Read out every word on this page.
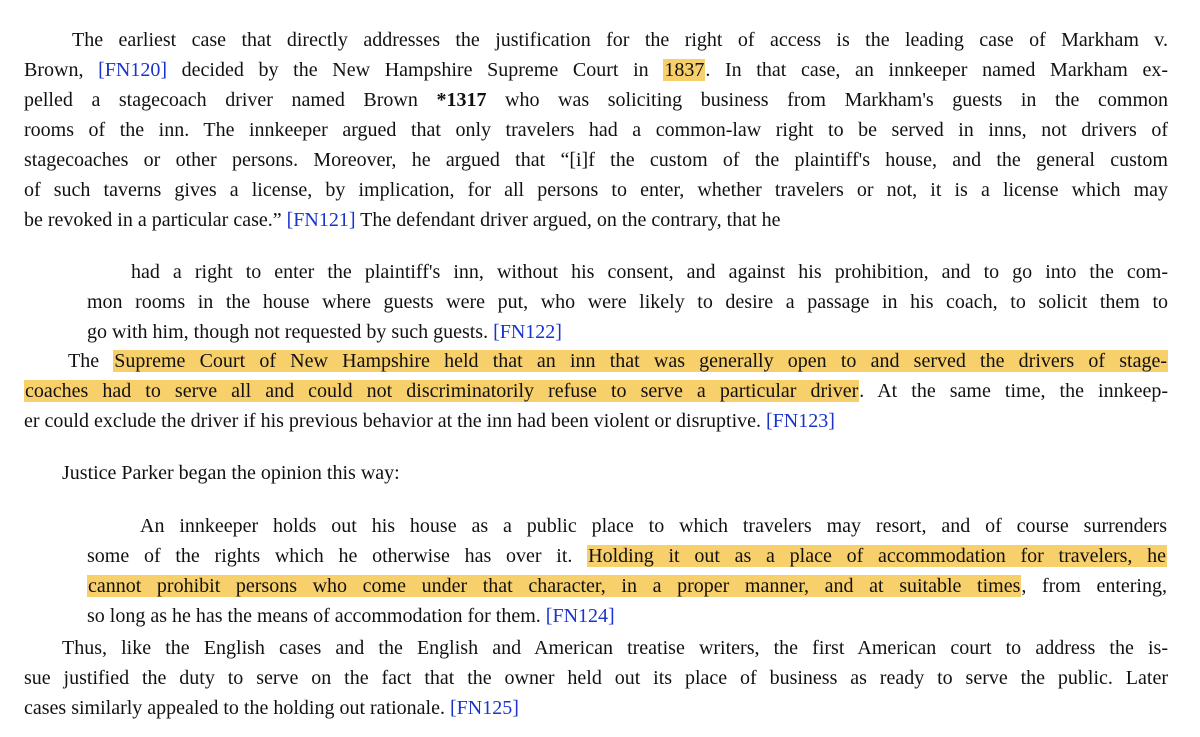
The earliest case that directly addresses the justification for the right of access is the leading case of Markham v.
Brown, [FN120] decided by the New Hampshire Supreme Court in 1837. In that case, an innkeeper named Markham ex-
pelled a stagecoach driver named Brown *1317 who was soliciting business from Markham's guests in the common
rooms of the inn. The innkeeper argued that only travelers had a common-law right to be served in inns, not drivers of
stagecoaches or other persons. Moreover, he argued that “[i]f the custom of the plaintiff's house, and the general custom
of such taverns gives a license, by implication, for all persons to enter, whether travelers or not, it is a license which may
be revoked in a particular case.” [FN121] The defendant driver argued, on the contrary, that he
had a right to enter the plaintiff's inn, without his consent, and against his prohibition, and to go into the com-
mon rooms in the house where guests were put, who were likely to desire a passage in his coach, to solicit them to
go with him, though not requested by such guests. [FN122]
The Supreme Court of New Hampshire held that an inn that was generally open to and served the drivers of stage-
coaches had to serve all and could not discriminatorily refuse to serve a particular driver. At the same time, the innkeep-
er could exclude the driver if his previous behavior at the inn had been violent or disruptive. [FN123]
Justice Parker began the opinion this way:
An innkeeper holds out his house as a public place to which travelers may resort, and of course surrenders
some of the rights which he otherwise has over it. Holding it out as a place of accommodation for travelers, he
cannot prohibit persons who come under that character, in a proper manner, and at suitable times, from entering,
so long as he has the means of accommodation for them. [FN124]
Thus, like the English cases and the English and American treatise writers, the first American court to address the is-
sue justified the duty to serve on the fact that the owner held out its place of business as ready to serve the public. Later
cases similarly appealed to the holding out rationale. [FN125]
